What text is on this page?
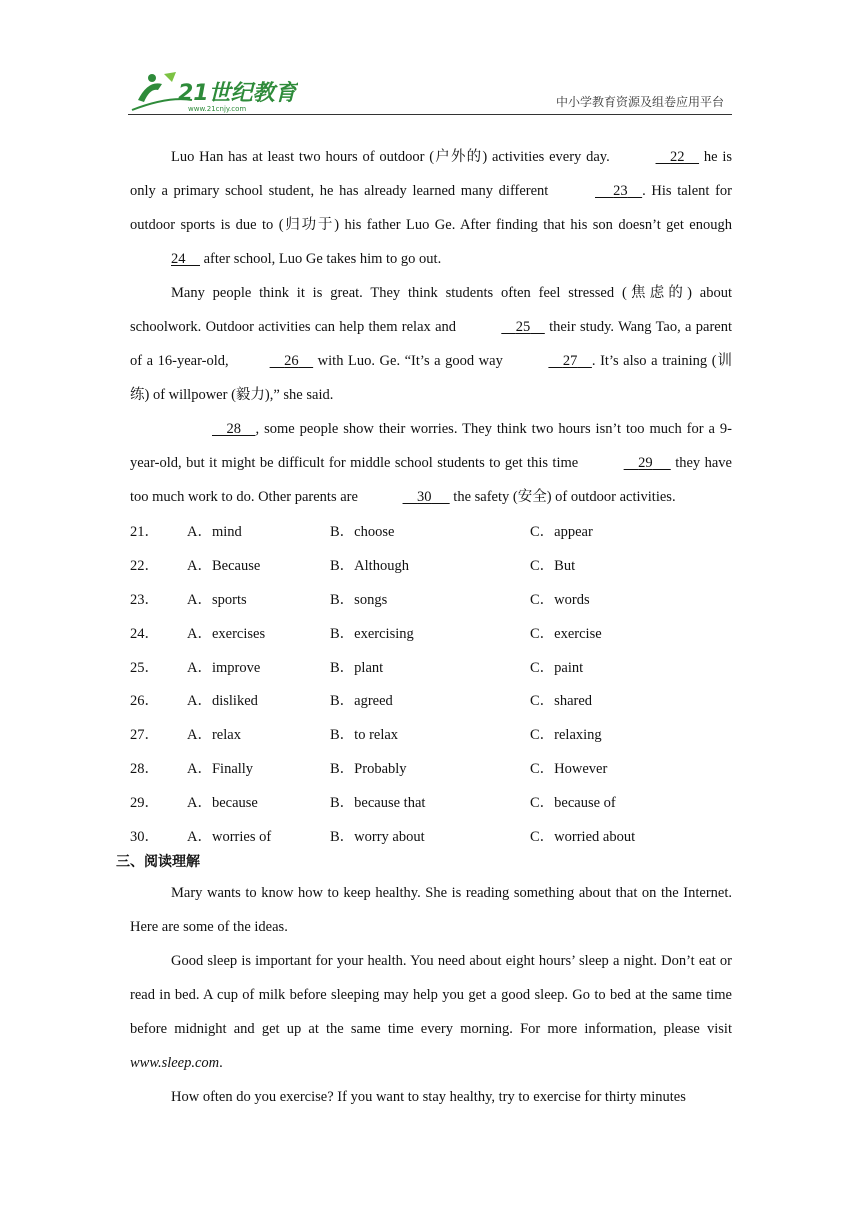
21世纪教育
www.21cnjy.com	中小学教育资源及组卷应用平台

Luo Han has at least two hours of outdoor (户外的) activities every day.	22     he is only a primary school student, he has already learned many different	23 . His talent for outdoor sports is due to (归功于) his father Luo Ge. After finding that his son doesn’t get enough 24     after school, Luo Ge takes him to go out.

Many people think it is great. They think students often feel stressed (焦虑的) about schoolwork. Outdoor activities can help them relax and	25     their study. Wang Tao, a parent of a 16-year-old,	26     with Luo. Ge. “It’s a good way	27 . It’s also a training (训练) of willpower (毅力),” she said.

28 , some people show their worries. They think two hours isn’t too much for a 9-year-old, but it might be difficult for middle school students to get this time	29      they have too much work to do. Other parents are	30      the safety (安全) of outdoor activities.

21．	A．mind	B．choose	C．appear
22．	A．Because	B．Although	C．But
23．	A．sports	B．songs	C．words
24．	A．exercises	B．exercising	C．exercise
25．	A．improve	B．plant	C．paint
26．	A．disliked	B．agreed	C．shared
27．	A．relax	B．to relax	C．relaxing
28．	A．Finally	B．Probably	C．However
29．	A．because	B．because that	C．because of
30．	A．worries of	B．worry about	C．worried about
三、阅读理解

Mary wants to know how to keep healthy. She is reading something about that on the Internet. Here are some of the ideas.

Good sleep is important for your health. You need about eight hours’ sleep a night. Don’t eat or read in bed. A cup of milk before sleeping may help you get a good sleep. Go to bed at the same time before midnight and get up at the same time every morning. For more information, please visit www.sleep.com.

How often do you exercise? If you want to stay healthy, try to exercise for thirty minutes
